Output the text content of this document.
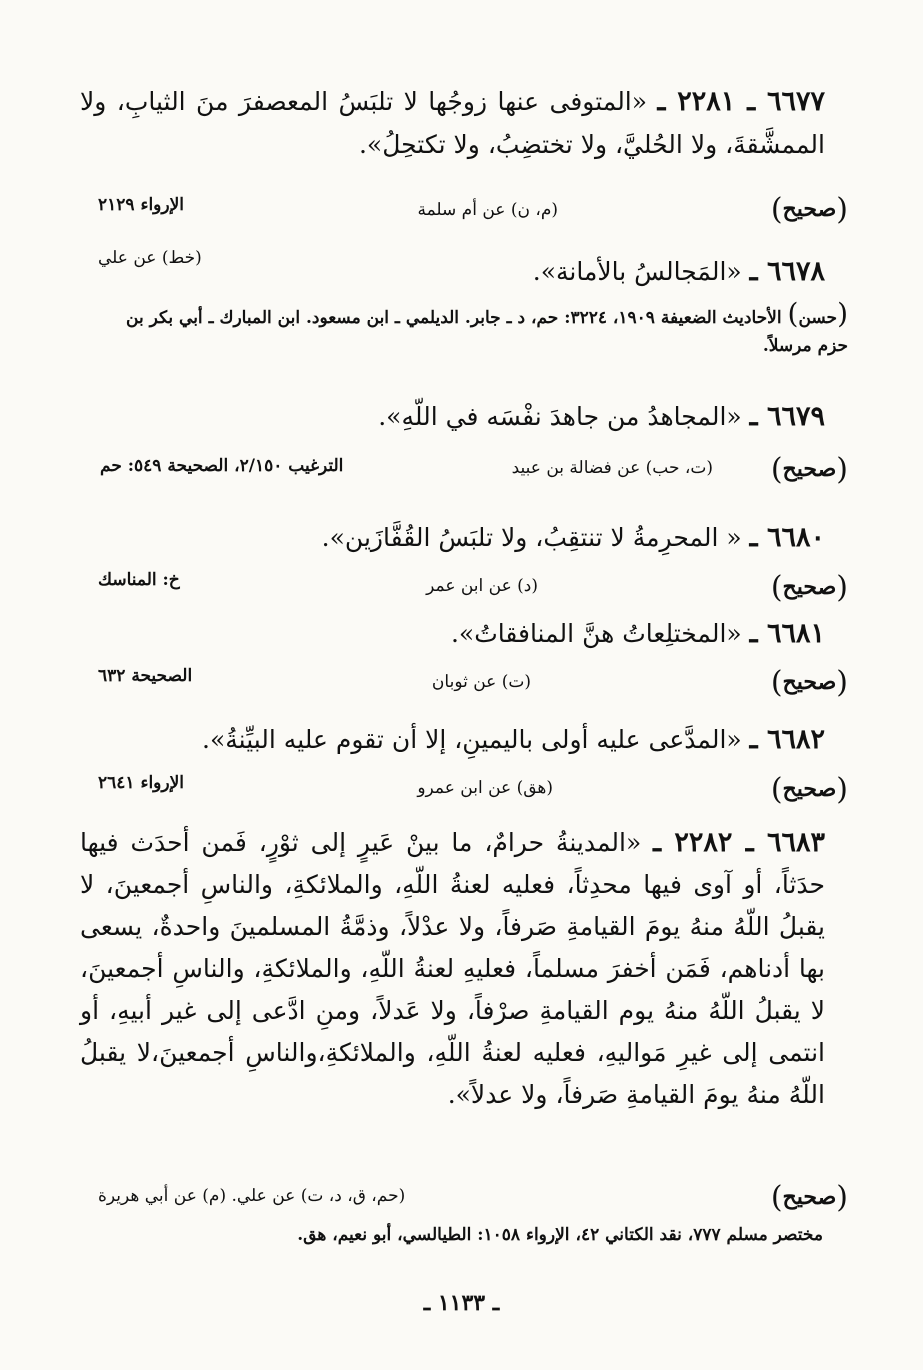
٦٦٧٧ ـ ٢٢٨١ ـ «المتوفى عنها زوجُها لا تلبَسُ المعصفرَ منَ الثيابِ، ولا الممشَّقةَ، ولا الحُليَّ، ولا تختضِبُ، ولا تكتحِلُ».
(صحيح)
(م، ن) عن أم سلمة
الإرواء ٢١٢٩
٦٦٧٨ ـ «المَجالسُ بالأمانة».
(خط) عن علي
(حسن) الأحاديث الضعيفة ١٩٠٩، ٣٢٢٤: حم، د ـ جابر. الديلمي ـ ابن مسعود. ابن المبارك ـ أبي بكر بن حزم مرسلاً.
٦٦٧٩ ـ «المجاهدُ من جاهدَ نفْسَه في اللّهِ».
(صحيح)
(ت، حب) عن فضالة بن عبيد
الترغيب ٢/١٥٠، الصحيحة ٥٤٩: حم
٦٦٨٠ ـ « المحرِمةُ لا تنتقِبُ، ولا تلبَسُ القُفَّازَين».
(صحيح)
(د) عن ابن عمر
خ: المناسك
٦٦٨١ ـ «المختلِعاتُ هنَّ المنافقاتُ».
(صحيح)
(ت) عن ثوبان
الصحيحة ٦٣٢
٦٦٨٢ ـ «المدَّعى عليه أولى باليمينِ، إلا أن تقوم عليه البيِّنةُ».
(صحيح)
(هق) عن ابن عمرو
الإرواء ٢٦٤١
٦٦٨٣ ـ ٢٢٨٢ ـ «المدينةُ حرامٌ، ما بينْ عَيرٍ إلى ثوْرٍ، فَمن أحدَث فيها حدَثاً، أو آوى فيها محدِثاً، فعليه لعنةُ اللّهِ، والملائكةِ، والناسِ أجمعينَ، لا يقبلُ اللّهُ منهُ يومَ القيامةِ صَرفاً، ولا عدْلاً، وذمَّةُ المسلمينَ واحدةٌ، يسعى بها أدناهم، فَمَن أخفرَ مسلماً، فعليهِ لعنةُ اللّهِ، والملائكةِ، والناسِ أجمعينَ، لا يقبلُ اللّهُ منهُ يوم القيامةِ صرْفاً، ولا عَدلاً، ومنِ ادَّعى إلى غير أبيهِ، أو انتمى إلى غيرِ مَواليهِ، فعليه لعنةُ اللّهِ، والملائكةِ،والناسِ أجمعينَ،لا يقبلُ اللّهُ منهُ يومَ القيامةِ صَرفاً، ولا عدلاً».
(صحيح)
(حم، ق، د، ت) عن علي. (م) عن أبي هريرة
مختصر مسلم ٧٧٧، نقد الكتاني ٤٢، الإرواء ١٠٥٨: الطيالسي، أبو نعيم، هق.
ـ ١١٣٣ ـ
